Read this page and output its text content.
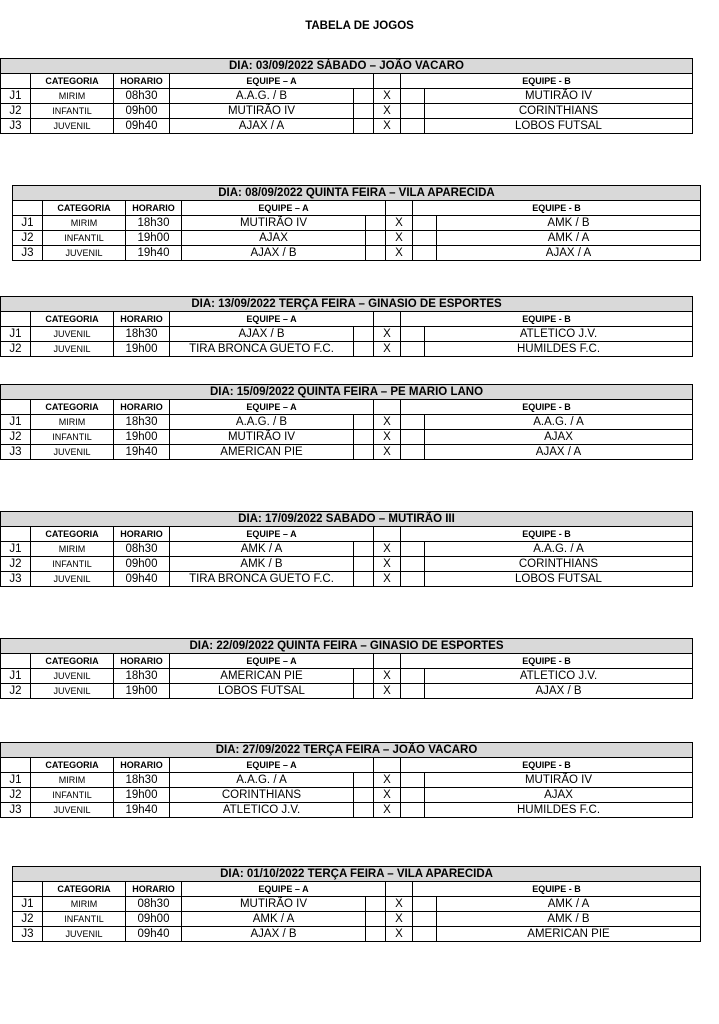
TABELA DE JOGOS
DIA: 03/09/2022 SÁBADO – JOÃO VACARO							
	CATEGORIA	HORARIO	EQUIPE – A			EQUIPE - B	
J1	MIRIM	08h30	A.A.G. / B		X		MUTIRÃO IV
J2	INFANTIL	09h00	MUTIRÃO IV		X		CORINTHIANS
J3	JUVENIL	09h40	AJAX / A		X		LOBOS FUTSAL
DIA: 08/09/2022 QUINTA FEIRA – VILA APARECIDA							
	CATEGORIA	HORARIO	EQUIPE – A			EQUIPE - B	
J1	MIRIM	18h30	MUTIRÃO IV		X		AMK / B
J2	INFANTIL	19h00	AJAX		X		AMK / A
J3	JUVENIL	19h40	AJAX / B		X		AJAX / A
DIA: 13/09/2022 TERÇA FEIRA – GINASIO DE ESPORTES							
	CATEGORIA	HORARIO	EQUIPE – A			EQUIPE - B	
J1	JUVENIL	18h30	AJAX / B		X		ATLETICO J.V.
J2	JUVENIL	19h00	TIRA BRONCA GUETO F.C.		X		HUMILDES F.C.
DIA: 15/09/2022 QUINTA FEIRA – PE MARIO LANO							
	CATEGORIA	HORARIO	EQUIPE – A			EQUIPE - B	
J1	MIRIM	18h30	A.A.G. / B		X		A.A.G. / A
J2	INFANTIL	19h00	MUTIRÃO IV		X		AJAX
J3	JUVENIL	19h40	AMERICAN PIE		X		AJAX / A
DIA: 17/09/2022 SABADO – MUTIRÃO III							
	CATEGORIA	HORARIO	EQUIPE – A			EQUIPE - B	
J1	MIRIM	08h30	AMK / A		X		A.A.G. / A
J2	INFANTIL	09h00	AMK / B		X		CORINTHIANS
J3	JUVENIL	09h40	TIRA BRONCA GUETO F.C.		X		LOBOS FUTSAL
DIA: 22/09/2022 QUINTA FEIRA – GINASIO DE ESPORTES							
	CATEGORIA	HORARIO	EQUIPE – A			EQUIPE - B	
J1	JUVENIL	18h30	AMERICAN PIE		X		ATLETICO J.V.
J2	JUVENIL	19h00	LOBOS FUTSAL		X		AJAX / B
DIA: 27/09/2022 TERÇA FEIRA – JOÃO VACARO							
	CATEGORIA	HORARIO	EQUIPE – A			EQUIPE - B	
J1	MIRIM	18h30	A.A.G. / A		X		MUTIRÃO IV
J2	INFANTIL	19h00	CORINTHIANS		X		AJAX
J3	JUVENIL	19h40	ATLETICO J.V.		X		HUMILDES F.C.
DIA: 01/10/2022 TERÇA FEIRA – VILA APARECIDA							
	CATEGORIA	HORARIO	EQUIPE – A			EQUIPE - B	
J1	MIRIM	08h30	MUTIRÃO IV		X		AMK / A
J2	INFANTIL	09h00	AMK / A		X		AMK / B
J3	JUVENIL	09h40	AJAX / B		X		AMERICAN PIE
